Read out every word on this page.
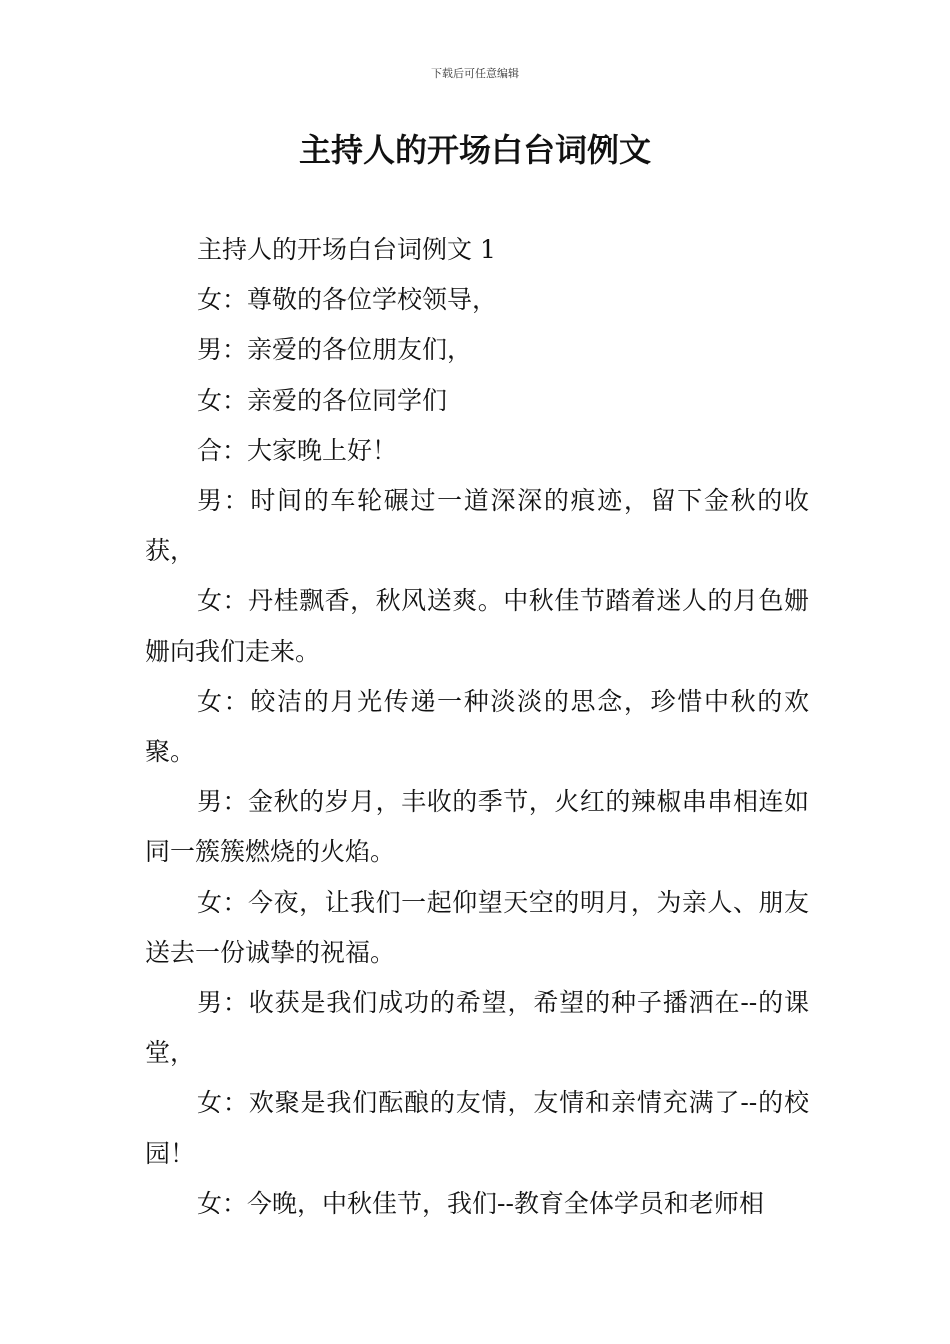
下载后可任意编辑
主持人的开场白台词例文

主持人的开场白台词例文 1

女：尊敬的各位学校领导，

男：亲爱的各位朋友们，

女：亲爱的各位同学们

合：大家晚上好！

男：时间的车轮碾过一道深深的痕迹，留下金秋的收获，

女：丹桂飘香，秋风送爽。中秋佳节踏着迷人的月色姗姗向我们走来。

女：皎洁的月光传递一种淡淡的思念，珍惜中秋的欢聚。

男：金秋的岁月，丰收的季节，火红的辣椒串串相连如同一簇簇燃烧的火焰。

女：今夜，让我们一起仰望天空的明月，为亲人、朋友送去一份诚挚的祝福。

男：收获是我们成功的希望，希望的种子播洒在--的课堂，

女：欢聚是我们酝酿的友情，友情和亲情充满了--的校园！

女：今晚，中秋佳节，我们--教育全体学员和老师相
